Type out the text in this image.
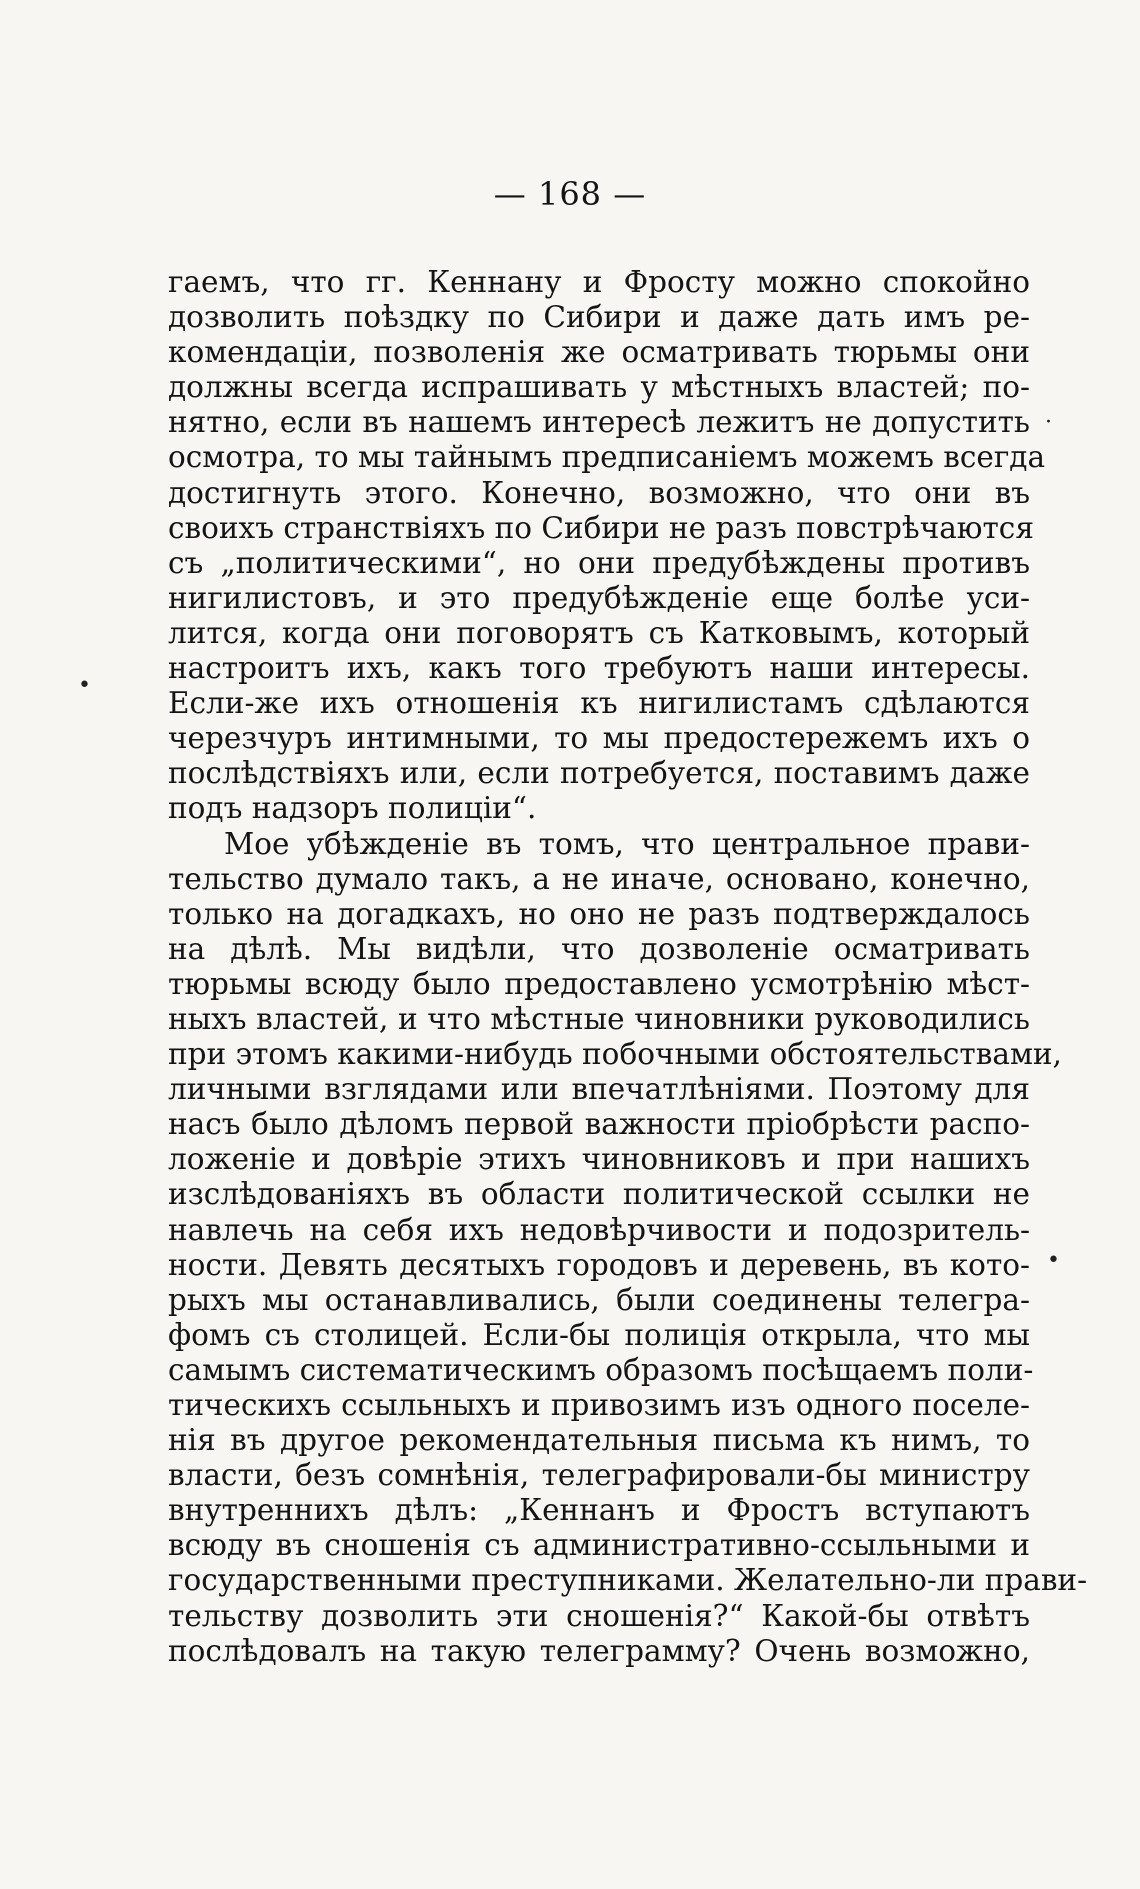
— 168 —
гаемъ, что гг. Кеннану и Фросту можно спокойно
дозволить поѣздку по Сибири и даже дать имъ ре-
комендаціи, позволенія же осматривать тюрьмы они
должны всегда испрашивать у мѣстныхъ властей; по-
нятно, если въ нашемъ интересѣ лежитъ не допустить
осмотра, то мы тайнымъ предписаніемъ можемъ всегда
достигнуть этого. Конечно, возможно, что они въ
своихъ странствіяхъ по Сибири не разъ повстрѣчаются
съ „политическими“, но они предубѣждены противъ
нигилистовъ, и это предубѣжденіе еще болѣе уси-
лится, когда они поговорятъ съ Катковымъ, который
настроитъ ихъ, какъ того требуютъ наши интересы.
Если-же ихъ отношенія къ нигилистамъ сдѣлаются
черезчуръ интимными, то мы предостережемъ ихъ о
послѣдствіяхъ или, если потребуется, поставимъ даже
подъ надзоръ полиціи“.
Мое убѣжденіе въ томъ, что центральное прави-
тельство думало такъ, а не иначе, основано, конечно,
только на догадкахъ, но оно не разъ подтверждалось
на дѣлѣ. Мы видѣли, что дозволеніе осматривать
тюрьмы всюду было предоставлено усмотрѣнію мѣст-
ныхъ властей, и что мѣстные чиновники руководились
при этомъ какими-нибудь побочными обстоятельствами,
личными взглядами или впечатлѣніями. Поэтому для
насъ было дѣломъ первой важности пріобрѣсти распо-
ложеніе и довѣріе этихъ чиновниковъ и при нашихъ
изслѣдованіяхъ въ области политической ссылки не
навлечь на себя ихъ недовѣрчивости и подозритель-
ности. Девять десятыхъ городовъ и деревень, въ кото-
рыхъ мы останавливались, были соединены телегра-
фомъ съ столицей. Если-бы полиція открыла, что мы
самымъ систематическимъ образомъ посѣщаемъ поли-
тическихъ ссыльныхъ и привозимъ изъ одного поселе-
нія въ другое рекомендательныя письма къ нимъ, то
власти, безъ сомнѣнія, телеграфировали-бы министру
внутреннихъ дѣлъ: „Кеннанъ и Фростъ вступаютъ
всюду въ сношенія съ административно-ссыльными и
государственными преступниками. Желательно-ли прави-
тельству дозволить эти сношенія?“ Какой-бы отвѣтъ
послѣдовалъ на такую телеграмму? Очень возможно,
·
•
•
